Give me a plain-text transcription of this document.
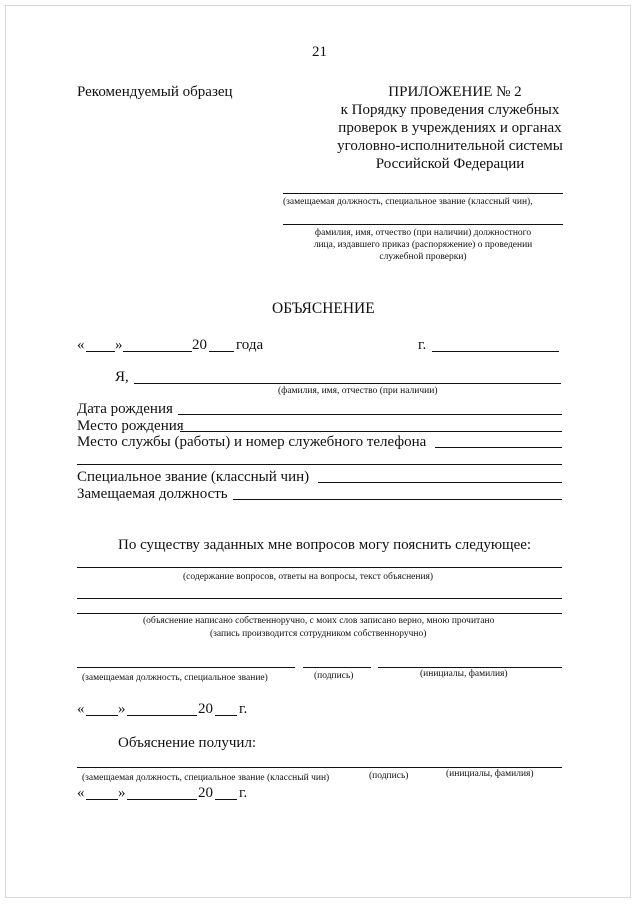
21
Рекомендуемый образец	ПРИЛОЖЕНИЕ № 2
к Порядку проведения служебных
проверок в учреждениях и органах
уголовно-исполнительной системы
Российской Федерации
(замещаемая должность, специальное звание (классный чин),
фамилия, имя, отчество (при наличии) должностного
лица, издавшего приказ (распоряжение) о проведении
служебной проверки)
ОБЪЯСНЕНИЕ
« »	20 года	г.
Я,
(фамилия, имя, отчество (при наличии)
Дата рождения
Место рождения
Место службы (работы) и номер служебного телефона
Специальное звание (классный чин)
Замещаемая должность
По существу заданных мне вопросов могу пояснить следующее:
(содержание вопросов, ответы на вопросы, текст объяснения)
(объяснение написано собственноручно, с моих слов записано верно, мною прочитано
(запись производится сотрудником собственноручно)
(замещаемая должность, специальное звание)	(подпись)	(инициалы, фамилия)
« »	20 г.
Объяснение получил:
(замещаемая должность, специальное звание (классный чин)	(подпись)	(инициалы, фамилия)
« »	20 г.
